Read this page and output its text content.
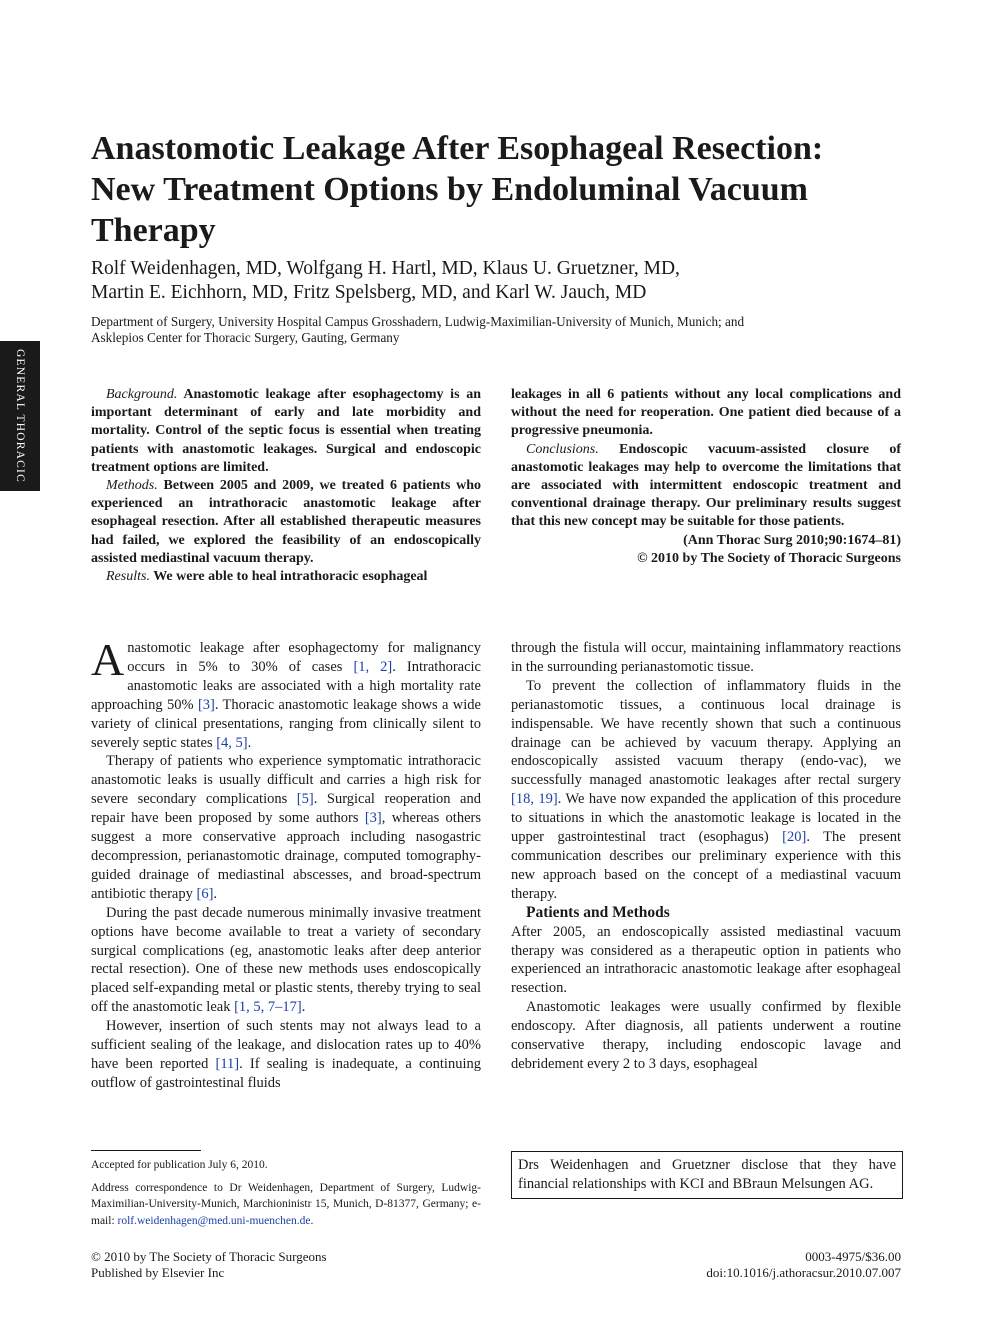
GENERAL THORACIC
Anastomotic Leakage After Esophageal Resection:
New Treatment Options by Endoluminal Vacuum
Therapy
Rolf Weidenhagen, MD, Wolfgang H. Hartl, MD, Klaus U. Gruetzner, MD,
Martin E. Eichhorn, MD, Fritz Spelsberg, MD, and Karl W. Jauch, MD
Department of Surgery, University Hospital Campus Grosshadern, Ludwig-Maximilian-University of Munich, Munich; and
Asklepios Center for Thoracic Surgery, Gauting, Germany

Background. Anastomotic leakage after esophagectomy is an important determinant of early and late morbidity and mortality. Control of the septic focus is essential when treating patients with anastomotic leakages. Surgical and endoscopic treatment options are limited.

Methods. Between 2005 and 2009, we treated 6 patients who experienced an intrathoracic anastomotic leakage after esophageal resection. After all established therapeutic measures had failed, we explored the feasibility of an endoscopically assisted mediastinal vacuum therapy.

Results. We were able to heal intrathoracic esophageal

leakages in all 6 patients without any local complications and without the need for reoperation. One patient died because of a progressive pneumonia.

Conclusions. Endoscopic vacuum-assisted closure of anastomotic leakages may help to overcome the limitations that are associated with intermittent endoscopic treatment and conventional drainage therapy. Our preliminary results suggest that this new concept may be suitable for those patients.

(Ann Thorac Surg 2010;90:1674–81)

© 2010 by The Society of Thoracic Surgeons

Anastomotic leakage after esophagectomy for malignancy occurs in 5% to 30% of cases [1, 2]. Intrathoracic anastomotic leaks are associated with a high mortality rate approaching 50% [3]. Thoracic anastomotic leakage shows a wide variety of clinical presentations, ranging from clinically silent to severely septic states [4, 5].

Therapy of patients who experience symptomatic intrathoracic anastomotic leaks is usually difficult and carries a high risk for severe secondary complications [5]. Surgical reoperation and repair have been proposed by some authors [3], whereas others suggest a more conservative approach including nasogastric decompression, perianastomotic drainage, computed tomography-guided drainage of mediastinal abscesses, and broad-spectrum antibiotic therapy [6].

During the past decade numerous minimally invasive treatment options have become available to treat a variety of secondary surgical complications (eg, anastomotic leaks after deep anterior rectal resection). One of these new methods uses endoscopically placed self-expanding metal or plastic stents, thereby trying to seal off the anastomotic leak [1, 5, 7–17].

However, insertion of such stents may not always lead to a sufficient sealing of the leakage, and dislocation rates up to 40% have been reported [11]. If sealing is inadequate, a continuing outflow of gastrointestinal fluids

through the fistula will occur, maintaining inflammatory reactions in the surrounding perianastomotic tissue.

To prevent the collection of inflammatory fluids in the perianastomotic tissues, a continuous local drainage is indispensable. We have recently shown that such a continuous drainage can be achieved by vacuum therapy. Applying an endoscopically assisted vacuum therapy (endo-vac), we successfully managed anastomotic leakages after rectal surgery [18, 19]. We have now expanded the application of this procedure to situations in which the anastomotic leakage is located in the upper gastrointestinal tract (esophagus) [20]. The present communication describes our preliminary experience with this new approach based on the concept of a mediastinal vacuum therapy.

Patients and Methods

After 2005, an endoscopically assisted mediastinal vacuum therapy was considered as a therapeutic option in patients who experienced an intrathoracic anastomotic leakage after esophageal resection.

Anastomotic leakages were usually confirmed by flexible endoscopy. After diagnosis, all patients underwent a routine conservative therapy, including endoscopic lavage and debridement every 2 to 3 days, esophageal

Accepted for publication July 6, 2010.

Address correspondence to Dr Weidenhagen, Department of Surgery, Ludwig-Maximilian-University-Munich, Marchioninistr 15, Munich, D-81377, Germany; e-mail: rolf.weidenhagen@med.uni-muenchen.de.

Drs Weidenhagen and Gruetzner disclose that they have financial relationships with KCI and BBraun Melsungen AG.
© 2010 by The Society of Thoracic Surgeons
Published by Elsevier Inc
0003-4975/$36.00
doi:10.1016/j.athoracsur.2010.07.007
